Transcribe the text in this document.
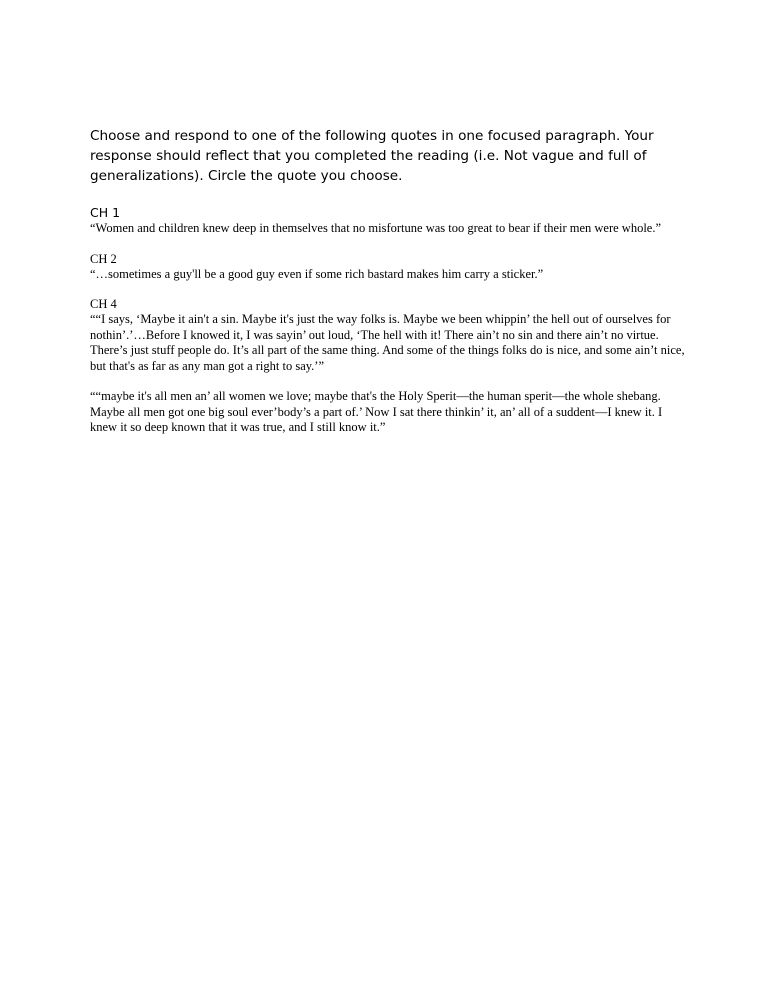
Choose and respond to one of the following quotes in one focused paragraph. Your response should reflect that you completed the reading (i.e. Not vague and full of generalizations). Circle the quote you choose.

CH 1

“Women and children knew deep in themselves that no misfortune was too great to bear if their men were whole.”

CH 2

“…sometimes a guy'll be a good guy even if some rich bastard makes him carry a sticker.”

CH 4

““I says, ‘Maybe it ain't a sin. Maybe it's just the way folks is. Maybe we been whippin’ the hell out of ourselves for nothin’.’…Before I knowed it, I was sayin’ out loud, ‘The hell with it! There ain’t no sin and there ain’t no virtue. There’s just stuff people do. It’s all part of the same thing. And some of the things folks do is nice, and some ain’t nice, but that's as far as any man got a right to say.’”

““maybe it's all men an’ all women we love; maybe that's the Holy Sperit—the human sperit—the whole shebang. Maybe all men got one big soul ever’body’s a part of.’ Now I sat there thinkin’ it, an’ all of a suddent—I knew it. I knew it so deep known that it was true, and I still know it.”
